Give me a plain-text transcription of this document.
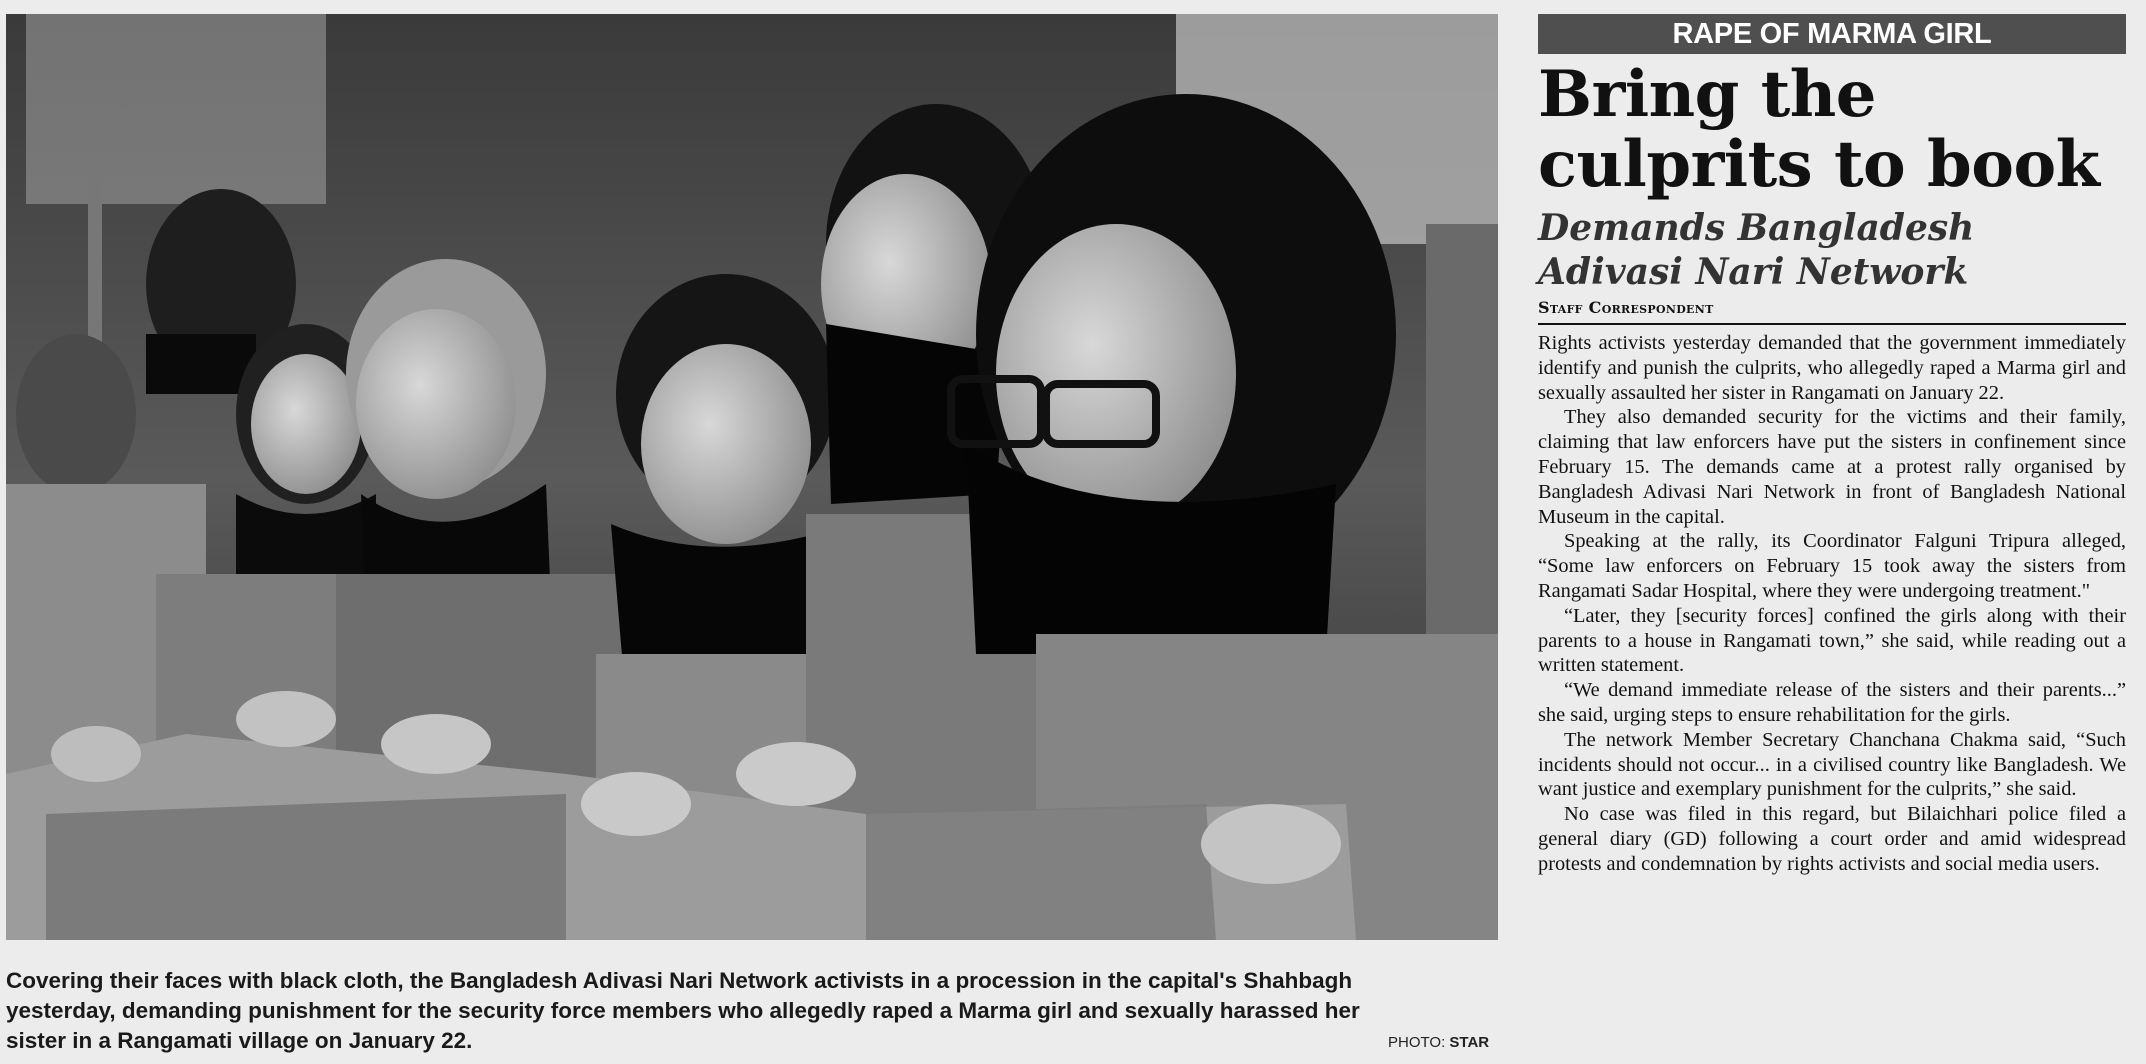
Covering their faces with black cloth, the Bangladesh Adivasi Nari Network activists in a procession in the capital's Shahbagh yesterday, demanding punishment for the security force members who allegedly raped a Marma girl and sexually harassed her sister in a Rangamati village on January 22.	PHOTO: STAR
RAPE OF MARMA GIRL
Bring the culprits to book
Demands Bangladesh Adivasi Nari Network
Staff Correspondent

Rights activists yesterday demanded that the government immediately identify and punish the culprits, who allegedly raped a Marma girl and sexually assaulted her sister in Rangamati on January 22.

They also demanded security for the victims and their family, claiming that law enforcers have put the sisters in confinement since February 15. The demands came at a protest rally organised by Bangladesh Adivasi Nari Network in front of Bangladesh National Museum in the capital.

Speaking at the rally, its Coordinator Falguni Tripura alleged, “Some law enforcers on February 15 took away the sisters from Rangamati Sadar Hospital, where they were undergoing treatment."

“Later, they [security forces] confined the girls along with their parents to a house in Rangamati town,” she said, while reading out a written statement.

“We demand immediate release of the sisters and their parents...” she said, urging steps to ensure rehabilitation for the girls.

The network Member Secretary Chanchana Chakma said, “Such incidents should not occur... in a civilised country like Bangladesh. We want justice and exemplary punishment for the culprits,” she said.

No case was filed in this regard, but Bilaichhari police filed a general diary (GD) following a court order and amid widespread protests and condemnation by rights activists and social media users.
